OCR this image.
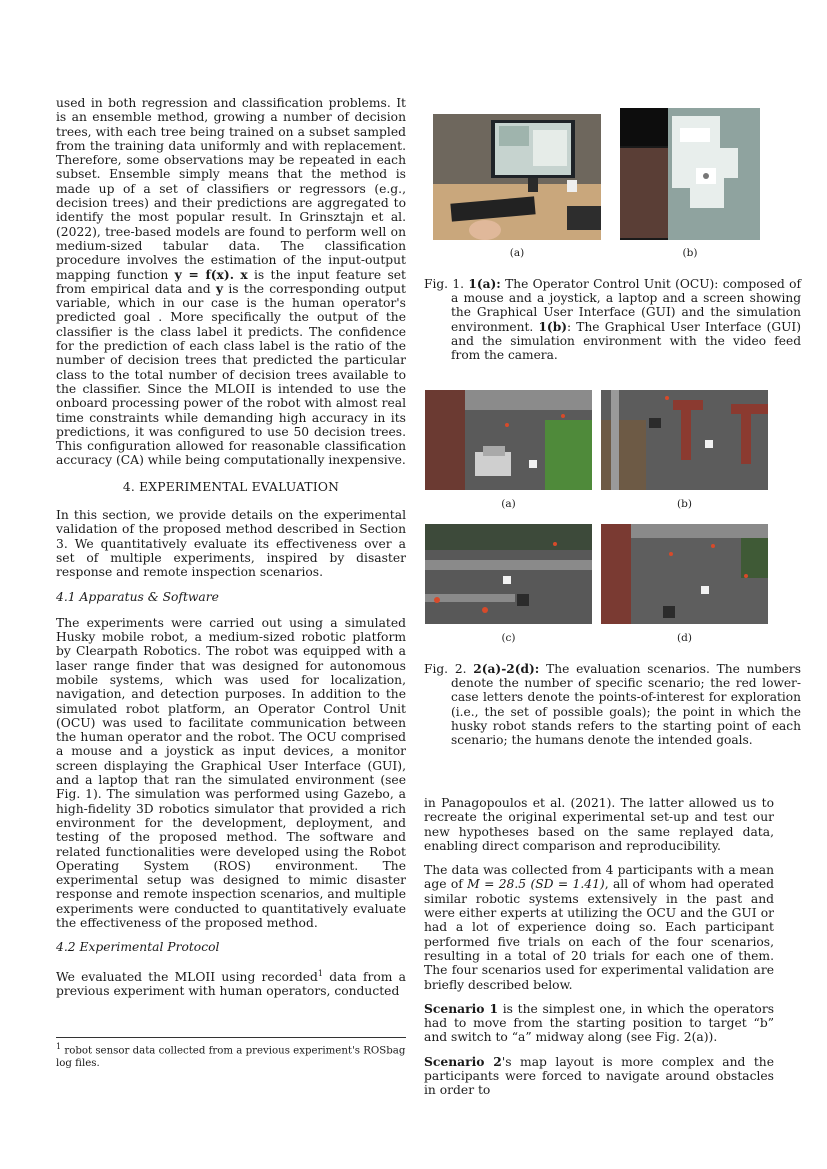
used in both regression and classification problems. It is an ensemble method, growing a number of decision trees, with each tree being trained on a subset sampled from the training data uniformly and with replacement. Therefore, some observations may be repeated in each subset. Ensemble simply means that the method is made up of a set of classifiers or regressors (e.g., decision trees) and their predictions are aggregated to identify the most popular result. In Grinsztajn et al. (2022), tree-based models are found to perform well on medium-sized tabular data. The classification procedure involves the estimation of the input-output mapping function y = f(x). x is the input feature set from empirical data and y is the corresponding output variable, which in our case is the human operator's predicted goal . More specifically the output of the classifier is the class label it predicts. The confidence for the prediction of each class label is the ratio of the number of decision trees that predicted the particular class to the total number of decision trees available to the classifier. Since the MLOII is intended to use the onboard processing power of the robot with almost real time constraints while demanding high accuracy in its predictions, it was configured to use 50 decision trees. This configuration allowed for reasonable classification accuracy (CA) while being computationally inexpensive.

4. EXPERIMENTAL EVALUATION

In this section, we provide details on the experimental validation of the proposed method described in Section 3. We quantitatively evaluate its effectiveness over a set of multiple experiments, inspired by disaster response and remote inspection scenarios.

4.1 Apparatus & Software

The experiments were carried out using a simulated Husky mobile robot, a medium-sized robotic platform by Clearpath Robotics. The robot was equipped with a laser range finder that was designed for autonomous mobile systems, which was used for localization, navigation, and detection purposes. In addition to the simulated robot platform, an Operator Control Unit (OCU) was used to facilitate communication between the human operator and the robot. The OCU comprised a mouse and a joystick as input devices, a monitor screen displaying the Graphical User Interface (GUI), and a laptop that ran the simulated environment (see Fig. 1). The simulation was performed using Gazebo, a high-fidelity 3D robotics simulator that provided a rich environment for the development, deployment, and testing of the proposed method. The software and related functionalities were developed using the Robot Operating System (ROS) environment. The experimental setup was designed to mimic disaster response and remote inspection scenarios, and multiple experiments were conducted to quantitatively evaluate the effectiveness of the proposed method.

4.2 Experimental Protocol

We evaluated the MLOII using recorded$^1$ data from a previous experiment with human operators, conducted

$^1$ robot sensor data collected from a previous experiment's ROSbag log files.
(a)	(b)
Fig. 1. 1(a): The Operator Control Unit (OCU): composed of a mouse and a joystick, a laptop and a screen showing the Graphical User Interface (GUI) and the simulation environment. 1(b): The Graphical User Interface (GUI) and the simulation environment with the video feed from the camera.
(a)	(b)
(c)	(d)
Fig. 2. 2(a)-2(d): The evaluation scenarios. The numbers denote the number of specific scenario; the red lower-case letters denote the points-of-interest for exploration (i.e., the set of possible goals); the point in which the husky robot stands refers to the starting point of each scenario; the humans denote the intended goals.

in Panagopoulos et al. (2021). The latter allowed us to recreate the original experimental set-up and test our new hypotheses based on the same replayed data, enabling direct comparison and reproducibility.

The data was collected from 4 participants with a mean age of M = 28.5 (SD = 1.41), all of whom had operated similar robotic systems extensively in the past and were either experts at utilizing the OCU and the GUI or had a lot of experience doing so. Each participant performed five trials on each of the four scenarios, resulting in a total of 20 trials for each one of them. The four scenarios used for experimental validation are briefly described below.

Scenario 1 is the simplest one, in which the operators had to move from the starting position to target “b” and switch to “a” midway along (see Fig. 2(a)).

Scenario 2's map layout is more complex and the participants were forced to navigate around obstacles in order to
